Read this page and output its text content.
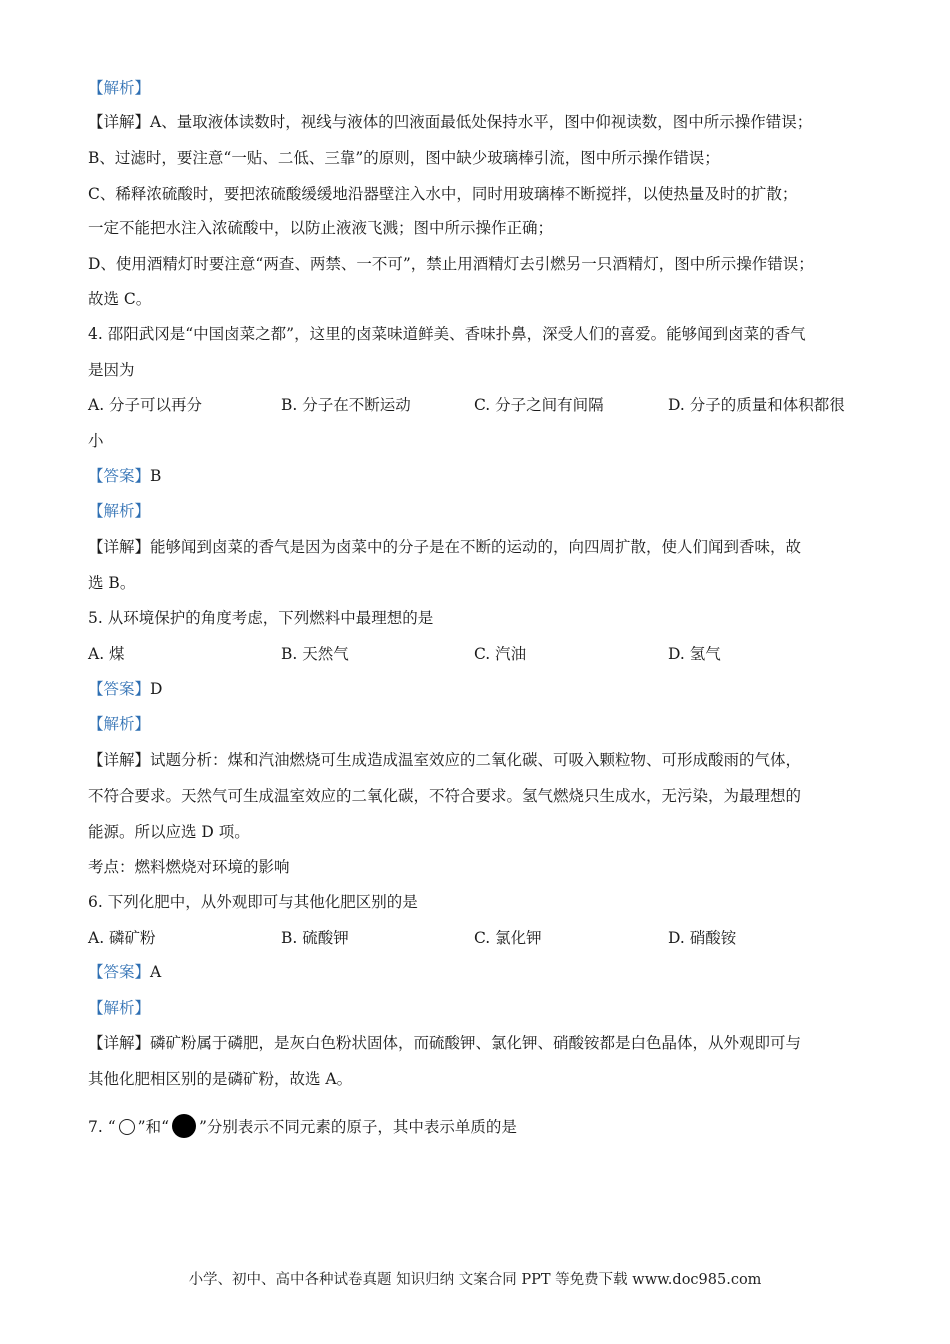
【解析】
【详解】A、量取液体读数时，视线与液体的凹液面最低处保持水平，图中仰视读数，图中所示操作错误；
B、过滤时，要注意“一贴、二低、三靠”的原则，图中缺少玻璃棒引流，图中所示操作错误；
C、稀释浓硫酸时，要把浓硫酸缓缓地沿器壁注入水中，同时用玻璃棒不断搅拌，以使热量及时的扩散；
一定不能把水注入浓硫酸中，以防止液液飞溅；图中所示操作正确；
D、使用酒精灯时要注意“两查、两禁、一不可”，禁止用酒精灯去引燃另一只酒精灯，图中所示操作错误；
故选 C。
4. 邵阳武冈是“中国卤菜之都”，这里的卤菜味道鲜美、香味扑鼻，深受人们的喜爱。能够闻到卤菜的香气
是因为
A. 分子可以再分	B. 分子在不断运动	C. 分子之间有间隔	D. 分子的质量和体积都很
小
【答案】B
【解析】
【详解】能够闻到卤菜的香气是因为卤菜中的分子是在不断的运动的，向四周扩散，使人们闻到香味，故
选 B。
5. 从环境保护的角度考虑，下列燃料中最理想的是
A. 煤	B. 天然气	C. 汽油	D. 氢气
【答案】D
【解析】
【详解】试题分析：煤和汽油燃烧可生成造成温室效应的二氧化碳、可吸入颗粒物、可形成酸雨的气体，
不符合要求。天然气可生成温室效应的二氧化碳，不符合要求。氢气燃烧只生成水，无污染，为最理想的
能源。所以应选 D 项。
考点：燃料燃烧对环境的影响
6. 下列化肥中，从外观即可与其他化肥区别的是
A. 磷矿粉	B. 硫酸钾	C. 氯化钾	D. 硝酸铵
【答案】A
【解析】
【详解】磷矿粉属于磷肥，是灰白色粉状固体，而硫酸钾、氯化钾、硝酸铵都是白色晶体，从外观即可与
其他化肥相区别的是磷矿粉，故选 A。
7. “ ”和“ ”分别表示不同元素的原子，其中表示单质的是
小学、初中、高中各种试卷真题 知识归纳 文案合同 PPT 等免费下载 www.doc985.com
